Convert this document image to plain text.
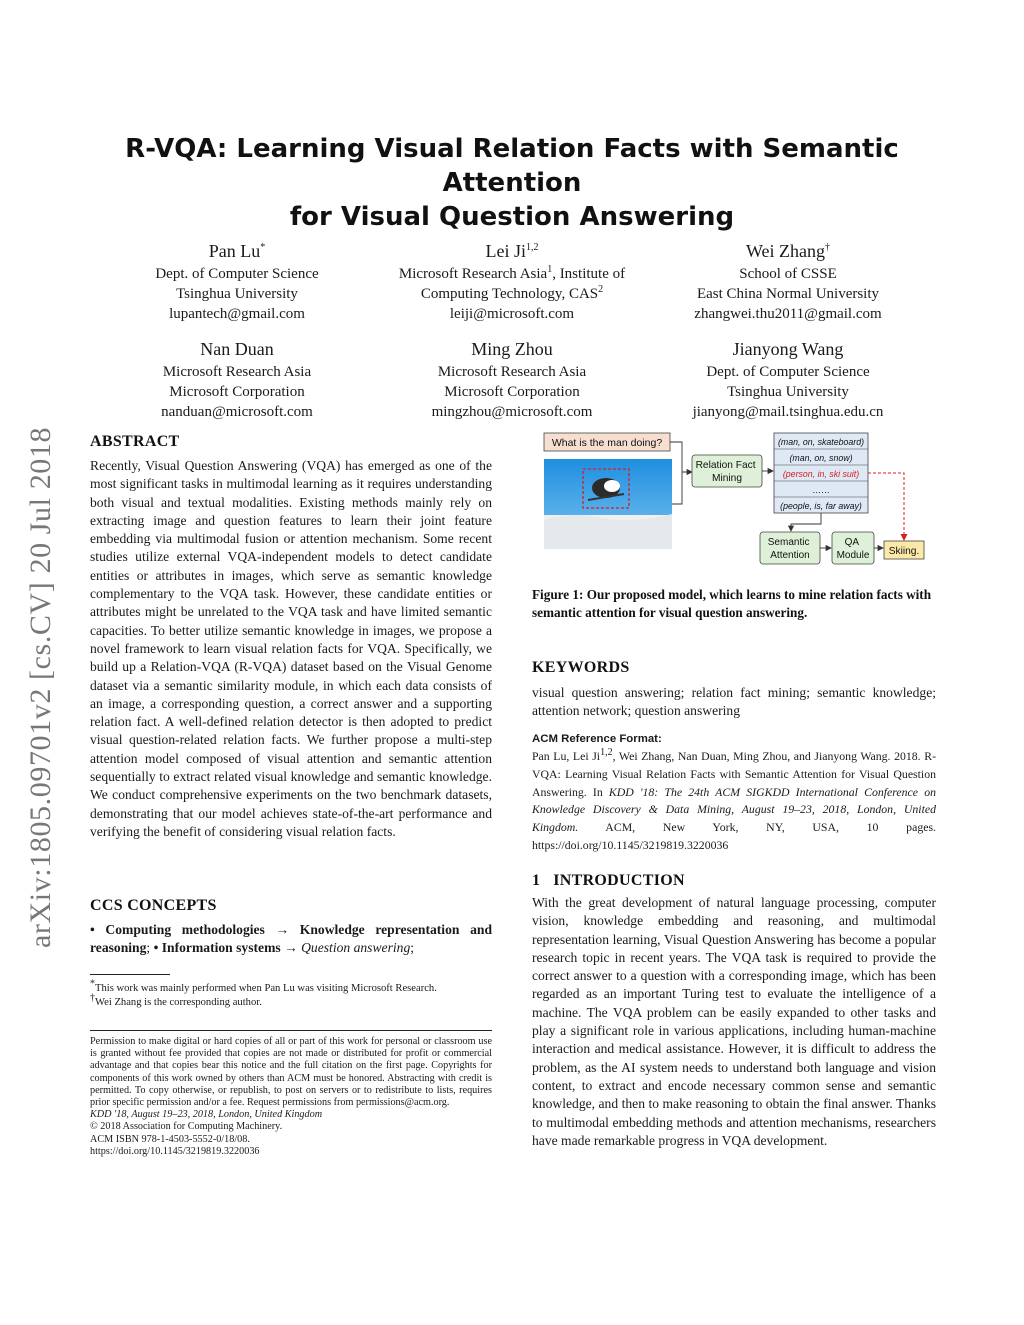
arXiv:1805.09701v2 [cs.CV] 20 Jul 2018
R-VQA: Learning Visual Relation Facts with Semantic Attention
for Visual Question Answering
Pan Lu*
Dept. of Computer Science
Tsinghua University
lupantech@gmail.com
Lei Ji$^{1,2}$
Microsoft Research Asia$^1$, Institute of
Computing Technology, CAS$^2$
leiji@microsoft.com
Wei Zhang†
School of CSSE
East China Normal University
zhangwei.thu2011@gmail.com
Nan Duan
Microsoft Research Asia
Microsoft Corporation
nanduan@microsoft.com
Ming Zhou
Microsoft Research Asia
Microsoft Corporation
mingzhou@microsoft.com
Jianyong Wang
Dept. of Computer Science
Tsinghua University
jianyong@mail.tsinghua.edu.cn
ABSTRACT
Recently, Visual Question Answering (VQA) has emerged as one of the most significant tasks in multimodal learning as it requires understanding both visual and textual modalities. Existing methods mainly rely on extracting image and question features to learn their joint feature embedding via multimodal fusion or attention mechanism. Some recent studies utilize external VQA-independent models to detect candidate entities or attributes in images, which serve as semantic knowledge complementary to the VQA task. However, these candidate entities or attributes might be unrelated to the VQA task and have limited semantic capacities. To better utilize semantic knowledge in images, we propose a novel framework to learn visual relation facts for VQA. Specifically, we build up a Relation-VQA (R-VQA) dataset based on the Visual Genome dataset via a semantic similarity module, in which each data consists of an image, a corresponding question, a correct answer and a supporting relation fact. A well-defined relation detector is then adopted to predict visual question-related relation facts. We further propose a multi-step attention model composed of visual attention and semantic attention sequentially to extract related visual knowledge and semantic knowledge. We conduct comprehensive experiments on the two benchmark datasets, demonstrating that our model achieves state-of-the-art performance and verifying the benefit of considering visual relation facts.
CCS CONCEPTS
• Computing methodologies → Knowledge representation and reasoning; • Information systems → Question answering;
*This work was mainly performed when Pan Lu was visiting Microsoft Research.
†Wei Zhang is the corresponding author.
Permission to make digital or hard copies of all or part of this work for personal or classroom use is granted without fee provided that copies are not made or distributed for profit or commercial advantage and that copies bear this notice and the full citation on the first page. Copyrights for components of this work owned by others than ACM must be honored. Abstracting with credit is permitted. To copy otherwise, or republish, to post on servers or to redistribute to lists, requires prior specific permission and/or a fee. Request permissions from permissions@acm.org.
KDD '18, August 19–23, 2018, London, United Kingdom
© 2018 Association for Computing Machinery.
ACM ISBN 978-1-4503-5552-0/18/08.
https://doi.org/10.1145/3219819.3220036
What is the man doing?
Relation Fact Mining
(man, on, skateboard)
(man, on, snow)
(person, in, ski suit)
……
(people, is, far away)
Semantic Attention
QA Module Skiing.
Figure 1: Our proposed model, which learns to mine relation facts with semantic attention for visual question answering.
KEYWORDS
visual question answering; relation fact mining; semantic knowledge; attention network; question answering
ACM Reference Format:
Pan Lu, Lei Ji$^{1,2}$, Wei Zhang, Nan Duan, Ming Zhou, and Jianyong Wang. 2018. R-VQA: Learning Visual Relation Facts with Semantic Attention for Visual Question Answering. In KDD '18: The 24th ACM SIGKDD International Conference on Knowledge Discovery & Data Mining, August 19–23, 2018, London, United Kingdom. ACM, New York, NY, USA, 10 pages. https://doi.org/10.1145/3219819.3220036
1 INTRODUCTION
With the great development of natural language processing, computer vision, knowledge embedding and reasoning, and multimodal representation learning, Visual Question Answering has become a popular research topic in recent years. The VQA task is required to provide the correct answer to a question with a corresponding image, which has been regarded as an important Turing test to evaluate the intelligence of a machine. The VQA problem can be easily expanded to other tasks and play a significant role in various applications, including human-machine interaction and medical assistance. However, it is difficult to address the problem, as the AI system needs to understand both language and vision content, to extract and encode necessary common sense and semantic knowledge, and then to make reasoning to obtain the final answer. Thanks to multimodal embedding methods and attention mechanisms, researchers have made remarkable progress in VQA development.
